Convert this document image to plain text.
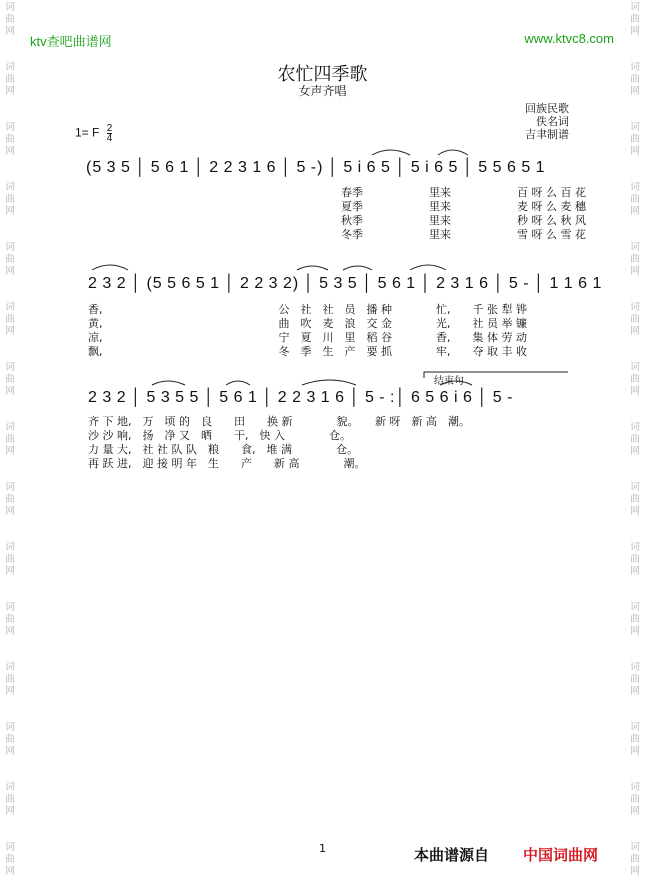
词
曲
网
词
曲
网
词
曲
网
词
曲
网
词
曲
网
词
曲
网
词
曲
网
词
曲
网
词
曲
网
词
曲
网
词
曲
网
词
曲
网
词
曲
网
词
曲
网
词
曲
网
词
曲
网
词
曲
网
词
曲
网
词
曲
网
词
曲
网
词
曲
网
词
曲
网
词
曲
网
词
曲
网
词
曲
网
词
曲
网
词
曲
网
词
曲
网
词
曲
网
词
曲
网
ktv查吧曲谱网	www.ktvc8.com
农忙四季歌
女声齐唱
回族民歌
佚名词
吉聿制谱
1= F $\frac{2}{4}$
(5 3 5 │ 5 6 1 │ 2 2 3 1 6 │ 5 -) │ 5 i 6 5 │ 5 i 6 5 │ 5 5 6 5 1
春季　　　　　　里来　　　　　　百 呀 么 百 花
夏季　　　　　　里来　　　　　　麦 呀 么 麦 穗
秋季　　　　　　里来　　　　　　秒 呀 么 秋 风
冬季　　　　　　里来　　　　　　雪 呀 么 雪 花
2 3 2 │ (5 5 6 5 1 │ 2 2 3 2) │ 5 3 5 │ 5 6 1 │ 2 3 1 6 │ 5 - │ 1 1 6 1
香,　　　　　　　　　　　　　　　　公　社　社　员　播 种　　　　忙,　　千 张 犁 铧
黄,　　　　　　　　　　　　　　　　曲　吹　麦　浪　交 金　　　　光,　　社 员 举 镰
凉,　　　　　　　　　　　　　　　　宁　夏　川　里　稻 谷　　　　香,　　集 体 劳 动
飘,　　　　　　　　　　　　　　　　冬　季　生　产　要 抓　　　　牢,　　夺 取 丰 收
结束句
2 3 2 │ 5 3 5 5 │ 5 6 1 │ 2 2 3 1 6 │ 5 - :│ 6 5 6 i 6 │ 5 -
齐 下 地,　万　顷 的　良　　田　　换 新　　　　貌。　　新 呀　新 高　潮。
沙 沙 响,　扬　净 又　晒　　干,　快 入　　　　仓。
力 量 大,　社 社 队 队　粮　　食,　堆 满　　　　仓。
再 跃 进,　迎 接 明 年　生　　产　　新 高　　　　潮。
1	本曲谱源自 中国词曲网
